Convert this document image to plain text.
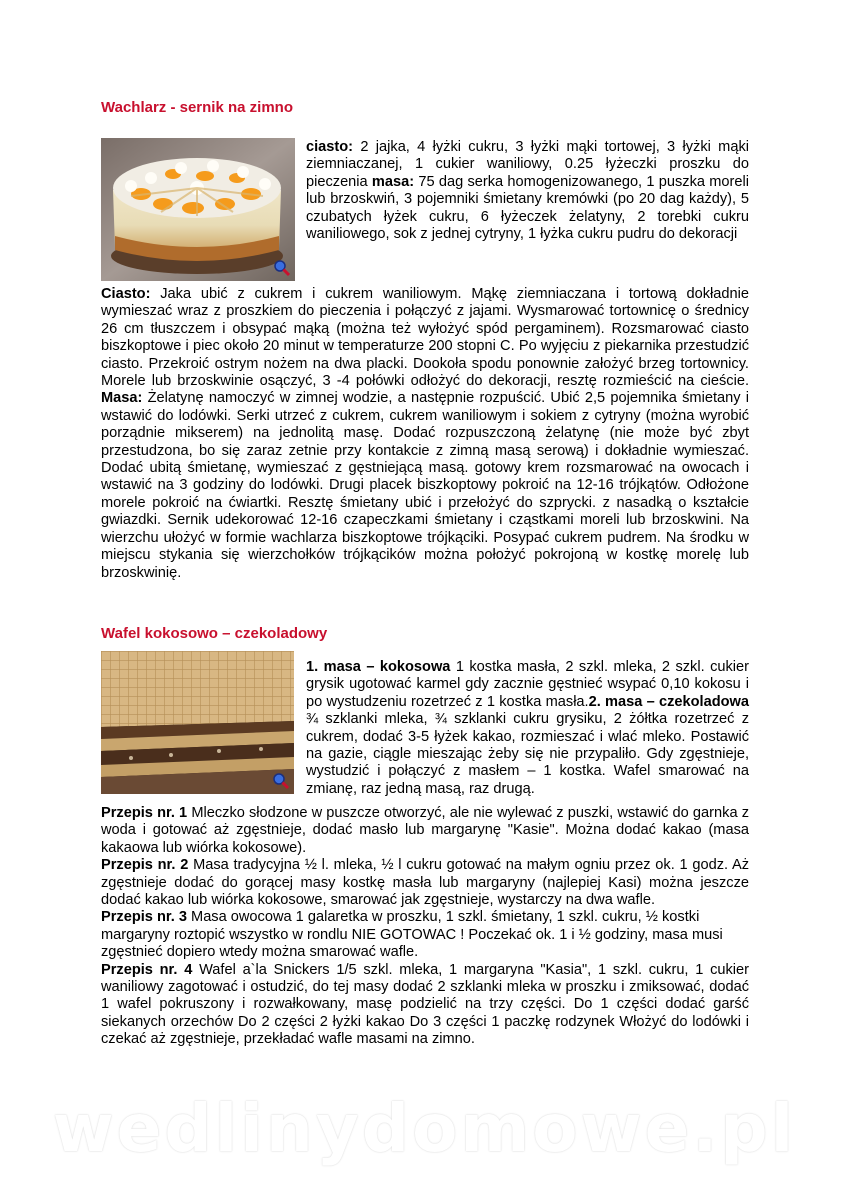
Wachlarz - sernik na zimno

ciasto: 2 jajka, 4 łyżki cukru, 3 łyżki mąki tortowej, 3 łyżki mąki ziemniaczanej, 1 cukier waniliowy, 0.25 łyżeczki proszku do pieczenia masa: 75 dag serka homogenizowanego, 1 puszka moreli lub brzoskwiń, 3 pojemniki śmietany kremówki (po 20 dag każdy), 5 czubatych łyżek cukru, 6 łyżeczek żelatyny, 2 torebki cukru waniliowego, sok z jednej cytryny, 1 łyżka cukru pudru do dekoracji

Ciasto: Jaka ubić z cukrem i cukrem waniliowym. Mąkę ziemniaczana i tortową dokładnie wymieszać wraz z proszkiem do pieczenia i połączyć z jajami. Wysmarować tortownicę o średnicy 26 cm tłuszczem i obsypać mąką (można też wyłożyć spód pergaminem). Rozsmarować ciasto biszkoptowe i piec około 20 minut w temperaturze 200 stopni C. Po wyjęciu z piekarnika przestudzić ciasto. Przekroić ostrym nożem na dwa placki. Dookoła spodu ponownie założyć brzeg tortownicy. Morele lub brzoskwinie osączyć, 3 -4 połówki odłożyć do dekoracji, resztę rozmieścić na cieście. Masa: Żelatynę namoczyć w zimnej wodzie, a następnie rozpuścić. Ubić 2,5 pojemnika śmietany i wstawić do lodówki. Serki utrzeć z cukrem, cukrem waniliowym i sokiem z cytryny (można wyrobić porządnie mikserem) na jednolitą masę. Dodać rozpuszczoną żelatynę (nie może być zbyt przestudzona, bo się zaraz zetnie przy kontakcie z zimną masą serową) i dokładnie wymieszać. Dodać ubitą śmietanę, wymieszać z gęstniejącą masą. gotowy krem rozsmarować na owocach i wstawić na 3 godziny do lodówki. Drugi placek biszkoptowy pokroić na 12-16 trójkątów. Odłożone morele pokroić na ćwiartki. Resztę śmietany ubić i przełożyć do szprycki. z nasadką o kształcie gwiazdki. Sernik udekorować 12-16 czapeczkami śmietany i cząstkami moreli lub brzoskwini. Na wierzchu ułożyć w formie wachlarza biszkoptowe trójkąciki. Posypać cukrem pudrem. Na środku w miejscu stykania się wierzchołków trójkącików można położyć pokrojoną w kostkę morelę lub brzoskwinię.

Wafel kokosowo – czekoladowy

1. masa – kokosowa 1 kostka masła, 2 szkl. mleka, 2 szkl. cukier grysik ugotować karmel gdy zacznie gęstnieć wsypać 0,10 kokosu i po wystudzeniu rozetrzeć z 1 kostka masła.2. masa – czekoladowa ¾ szklanki mleka, ¾ szklanki cukru grysiku, 2 żółtka rozetrzeć z cukrem, dodać 3-5 łyżek kakao, rozmieszać i wlać mleko. Postawić na gazie, ciągle mieszając żeby się nie przypaliło. Gdy zgęstnieje, wystudzić i połączyć z masłem – 1 kostka. Wafel smarować na zmianę, raz jedną masą, raz drugą.

Przepis nr. 1 Mleczko słodzone w puszcze otworzyć, ale nie wylewać z puszki, wstawić do garnka z woda i gotować aż zgęstnieje, dodać masło lub margarynę "Kasie". Można dodać kakao (masa kakaowa lub wiórka kokosowe).

Przepis nr. 2 Masa tradycyjna ½ l. mleka, ½ l cukru gotować na małym ogniu przez ok. 1 godz. Aż zgęstnieje dodać do gorącej masy kostkę masła lub margaryny (najlepiej Kasi) można jeszcze dodać kakao lub wiórka kokosowe, smarować jak zgęstnieje, wystarczy na dwa wafle.

Przepis nr. 3 Masa owocowa 1 galaretka w proszku, 1 szkl. śmietany, 1 szkl. cukru, ½ kostki margaryny roztopić wszystko w rondlu NIE GOTOWAC ! Poczekać ok. 1 i ½ godziny, masa musi zgęstnieć dopiero wtedy można smarować wafle.

Przepis nr. 4 Wafel a`la Snickers 1/5 szkl. mleka, 1 margaryna "Kasia", 1 szkl. cukru, 1 cukier waniliowy zagotować i ostudzić, do tej masy dodać 2 szklanki mleka w proszku i zmiksować, dodać 1 wafel pokruszony i rozwałkowany, masę podzielić na trzy części. Do 1 części dodać garść siekanych orzechów Do 2 części 2 łyżki kakao Do 3 części 1 paczkę rodzynek Włożyć do lodówki i czekać aż zgęstnieje, przekładać wafle masami na zimno.

wedlinydomowe.pl
